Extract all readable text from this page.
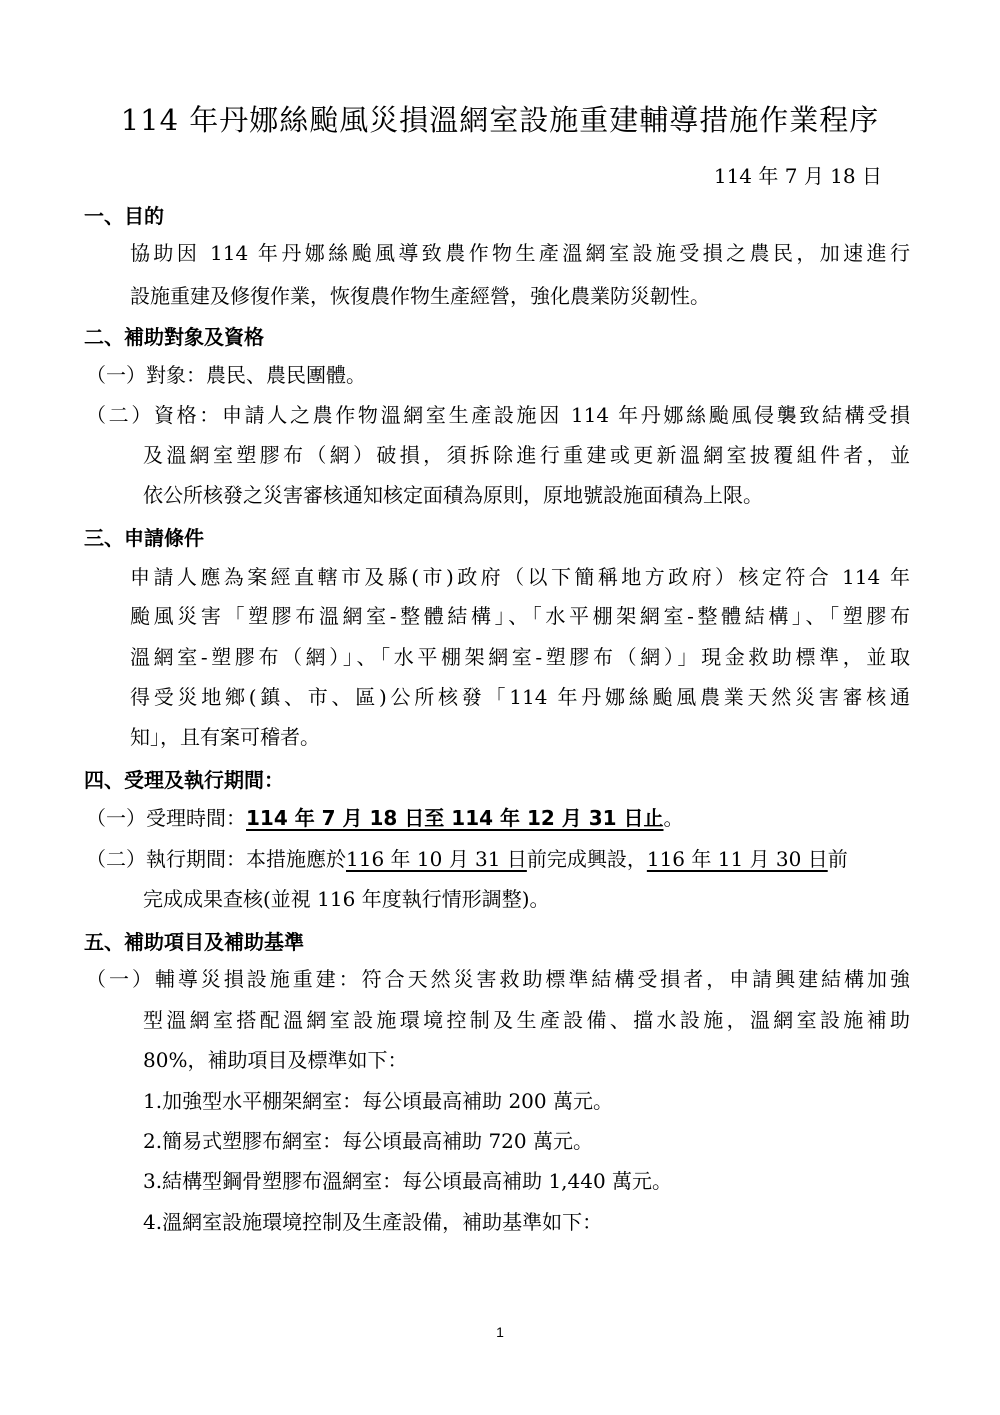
114 年丹娜絲颱風災損溫網室設施重建輔導措施作業程序
114 年 7 月 18 日
一、目的
協助因 114 年丹娜絲颱風導致農作物生產溫網室設施受損之農民，加速進行
設施重建及修復作業，恢復農作物生產經營，強化農業防災韌性。
二、補助對象及資格
（一）對象：農民、農民團體。
（二）資格：申請人之農作物溫網室生產設施因 114 年丹娜絲颱風侵襲致結構受損
及溫網室塑膠布（網）破損，須拆除進行重建或更新溫網室披覆組件者，並
依公所核發之災害審核通知核定面積為原則，原地號設施面積為上限。
三、申請條件
申請人應為案經直轄市及縣(市)政府（以下簡稱地方政府）核定符合 114 年
颱風災害「塑膠布溫網室-整體結構」、「水平棚架網室-整體結構」、「塑膠布
溫網室-塑膠布（網）」、「水平棚架網室-塑膠布（網）」現金救助標準，並取
得受災地鄉(鎮、市、區)公所核發「114 年丹娜絲颱風農業天然災害審核通
知」，且有案可稽者。
四、受理及執行期間：
（一）受理時間：114 年 7 月 18 日至 114 年 12 月 31 日止。
（二）執行期間：本措施應於116 年 10 月 31 日前完成興設，116 年 11 月 30 日前
完成成果查核(並視 116 年度執行情形調整)。
五、補助項目及補助基準
（一）輔導災損設施重建：符合天然災害救助標準結構受損者，申請興建結構加強
型溫網室搭配溫網室設施環境控制及生產設備、擋水設施，溫網室設施補助
80%，補助項目及標準如下：
1.加強型水平棚架網室：每公頃最高補助 200 萬元。
2.簡易式塑膠布網室：每公頃最高補助 720 萬元。
3.結構型鋼骨塑膠布溫網室：每公頃最高補助 1,440 萬元。
4.溫網室設施環境控制及生產設備，補助基準如下：
1
